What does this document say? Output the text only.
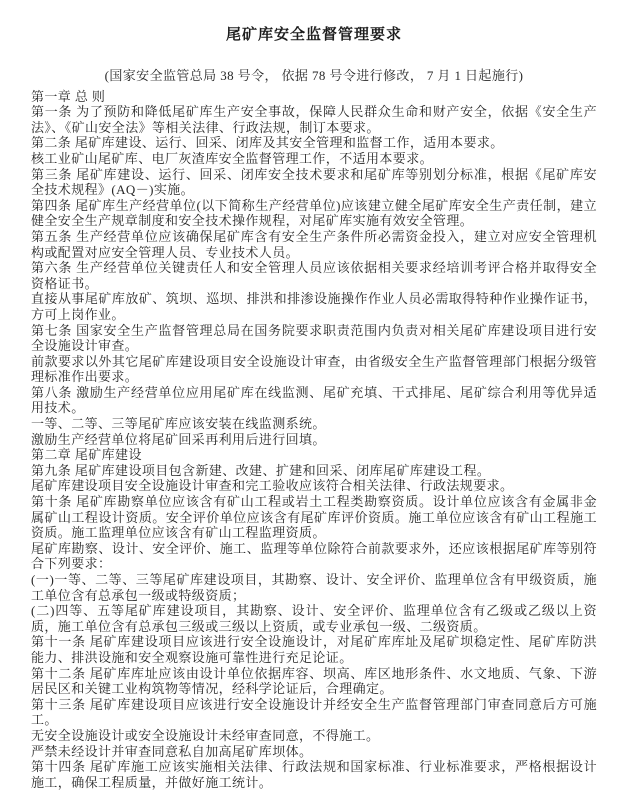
尾矿库安全监督管理要求

(国家安全监管总局 38 号令， 依据 78 号令进行修改， 7 月 1 日起施行)

第一章 总 则

第一条 为了预防和降低尾矿库生产安全事故，保障人民群众生命和财产安全，依据《安全生产法》、《矿山安全法》等相关法律、行政法规，制订本要求。

第二条 尾矿库建设、运行、回采、闭库及其安全管理和监督工作，适用本要求。

核工业矿山尾矿库、电厂灰渣库安全监督管理工作，不适用本要求。

第三条 尾矿库建设、运行、回采、闭库安全技术要求和尾矿库等别划分标准，根据《尾矿库安全技术规程》(AQ－)实施。

第四条 尾矿库生产经营单位(以下简称生产经营单位)应该建立健全尾矿库安全生产责任制，建立健全安全生产规章制度和安全技术操作规程，对尾矿库实施有效安全管理。

第五条 生产经营单位应该确保尾矿库含有安全生产条件所必需资金投入，建立对应安全管理机构或配置对应安全管理人员、专业技术人员。

第六条 生产经营单位关键责任人和安全管理人员应该依据相关要求经培训考评合格并取得安全资格证书。

直接从事尾矿库放矿、筑坝、巡坝、排洪和排渗设施操作作业人员必需取得特种作业操作证书，方可上岗作业。

第七条 国家安全生产监督管理总局在国务院要求职责范围内负责对相关尾矿库建设项目进行安全设施设计审查。

前款要求以外其它尾矿库建设项目安全设施设计审查，由省级安全生产监督管理部门根据分级管理标准作出要求。

第八条 激励生产经营单位应用尾矿库在线监测、尾矿充填、干式排尾、尾矿综合利用等优异适用技术。

一等、二等、三等尾矿库应该安装在线监测系统。

激励生产经营单位将尾矿回采再利用后进行回填。

第二章 尾矿库建设

第九条 尾矿库建设项目包含新建、改建、扩建和回采、闭库尾矿库建设工程。

尾矿库建设项目安全设施设计审查和完工验收应该符合相关法律、行政法规要求。

第十条 尾矿库勘察单位应该含有矿山工程或岩土工程类勘察资质。设计单位应该含有金属非金属矿山工程设计资质。安全评价单位应该含有尾矿库评价资质。施工单位应该含有矿山工程施工资质。施工监理单位应该含有矿山工程监理资质。

尾矿库勘察、设计、安全评价、施工、监理等单位除符合前款要求外，还应该根据尾矿库等别符合下列要求：

(一)一等、二等、三等尾矿库建设项目，其勘察、设计、安全评价、监理单位含有甲级资质，施工单位含有总承包一级或特级资质；

(二)四等、五等尾矿库建设项目，其勘察、设计、安全评价、监理单位含有乙级或乙级以上资质，施工单位含有总承包三级或三级以上资质，或专业承包一级、二级资质。

第十一条 尾矿库建设项目应该进行安全设施设计，对尾矿库库址及尾矿坝稳定性、尾矿库防洪能力、排洪设施和安全观察设施可靠性进行充足论证。

第十二条 尾矿库库址应该由设计单位依据库容、坝高、库区地形条件、水文地质、气象、下游居民区和关键工业构筑物等情况，经科学论证后，合理确定。

第十三条 尾矿库建设项目应该进行安全设施设计并经安全生产监督管理部门审查同意后方可施工。

无安全设施设计或安全设施设计未经审查同意，不得施工。

严禁未经设计并审查同意私自加高尾矿库坝体。

第十四条 尾矿库施工应该实施相关法律、行政法规和国家标准、行业标准要求，严格根据设计施工，确保工程质量，并做好施工统计。
